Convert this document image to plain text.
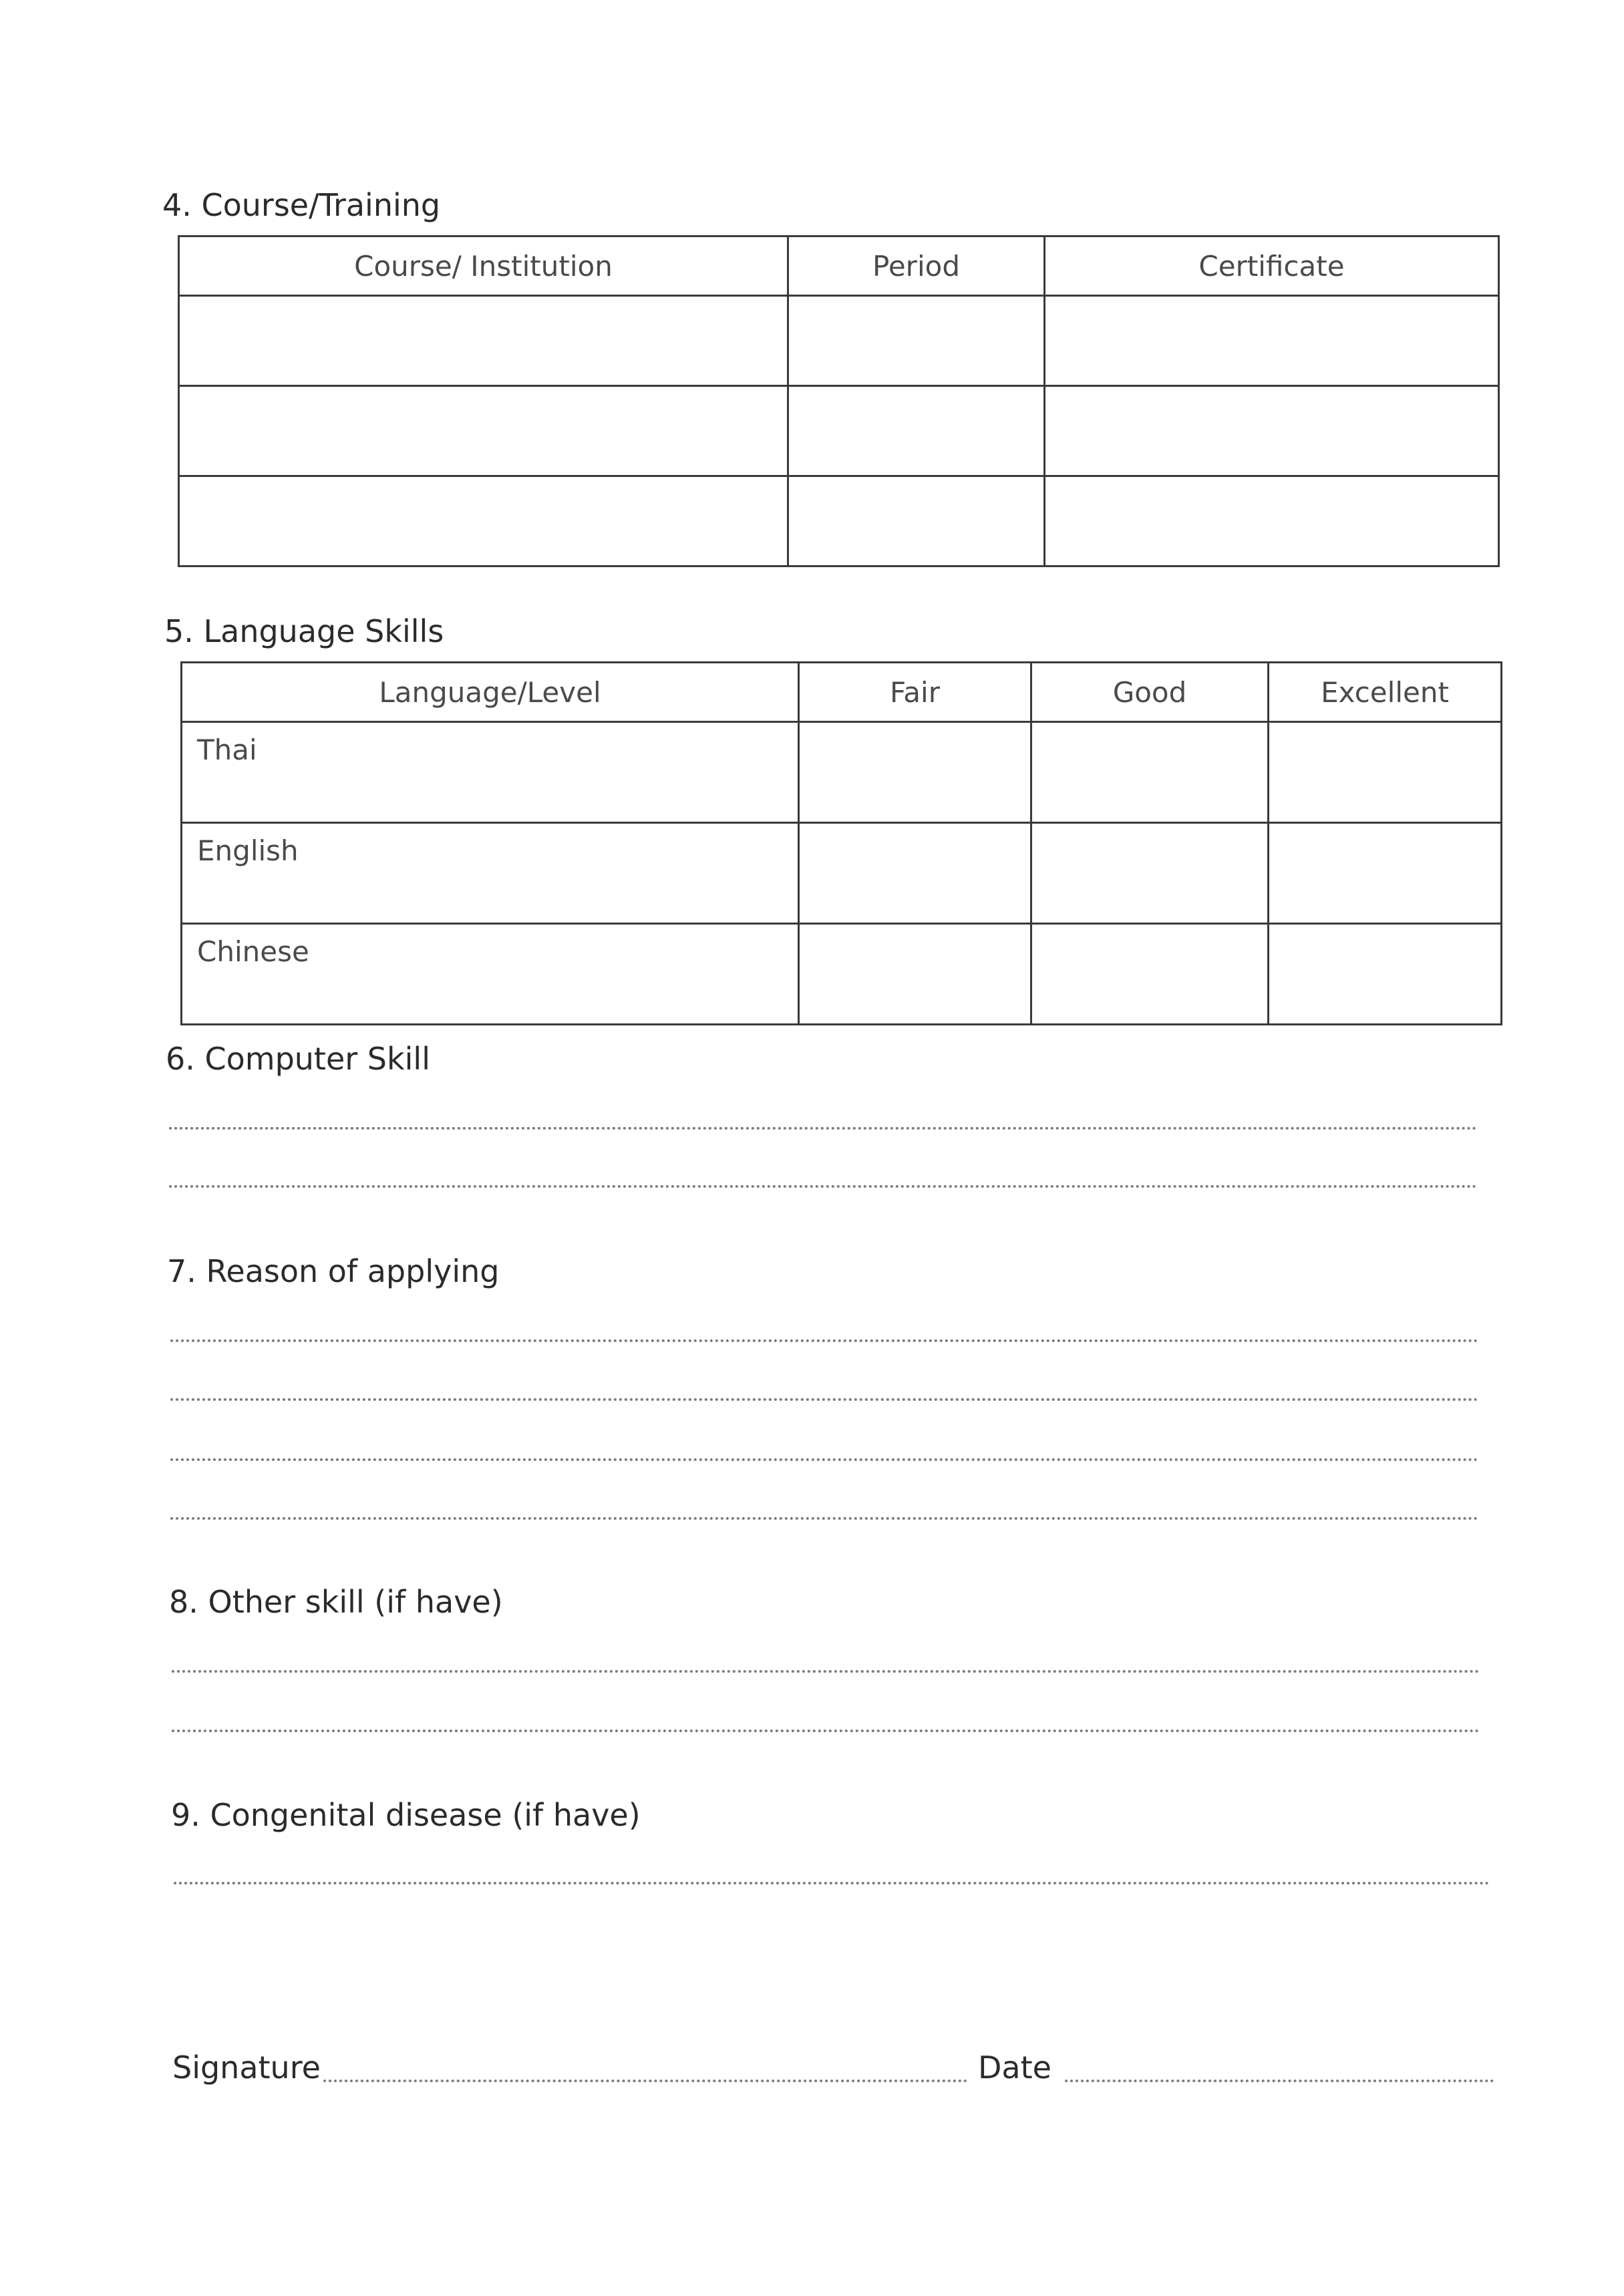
4. Course/Training
Course/ Institution	Period	Certificate

5. Language Skills
Language/Level	Fair	Good	Excellent
Thai			
English			
Chinese			
6. Computer Skill
7. Reason of applying
8. Other skill (if have)
9. Congenital disease (if have)
Signature	Date
